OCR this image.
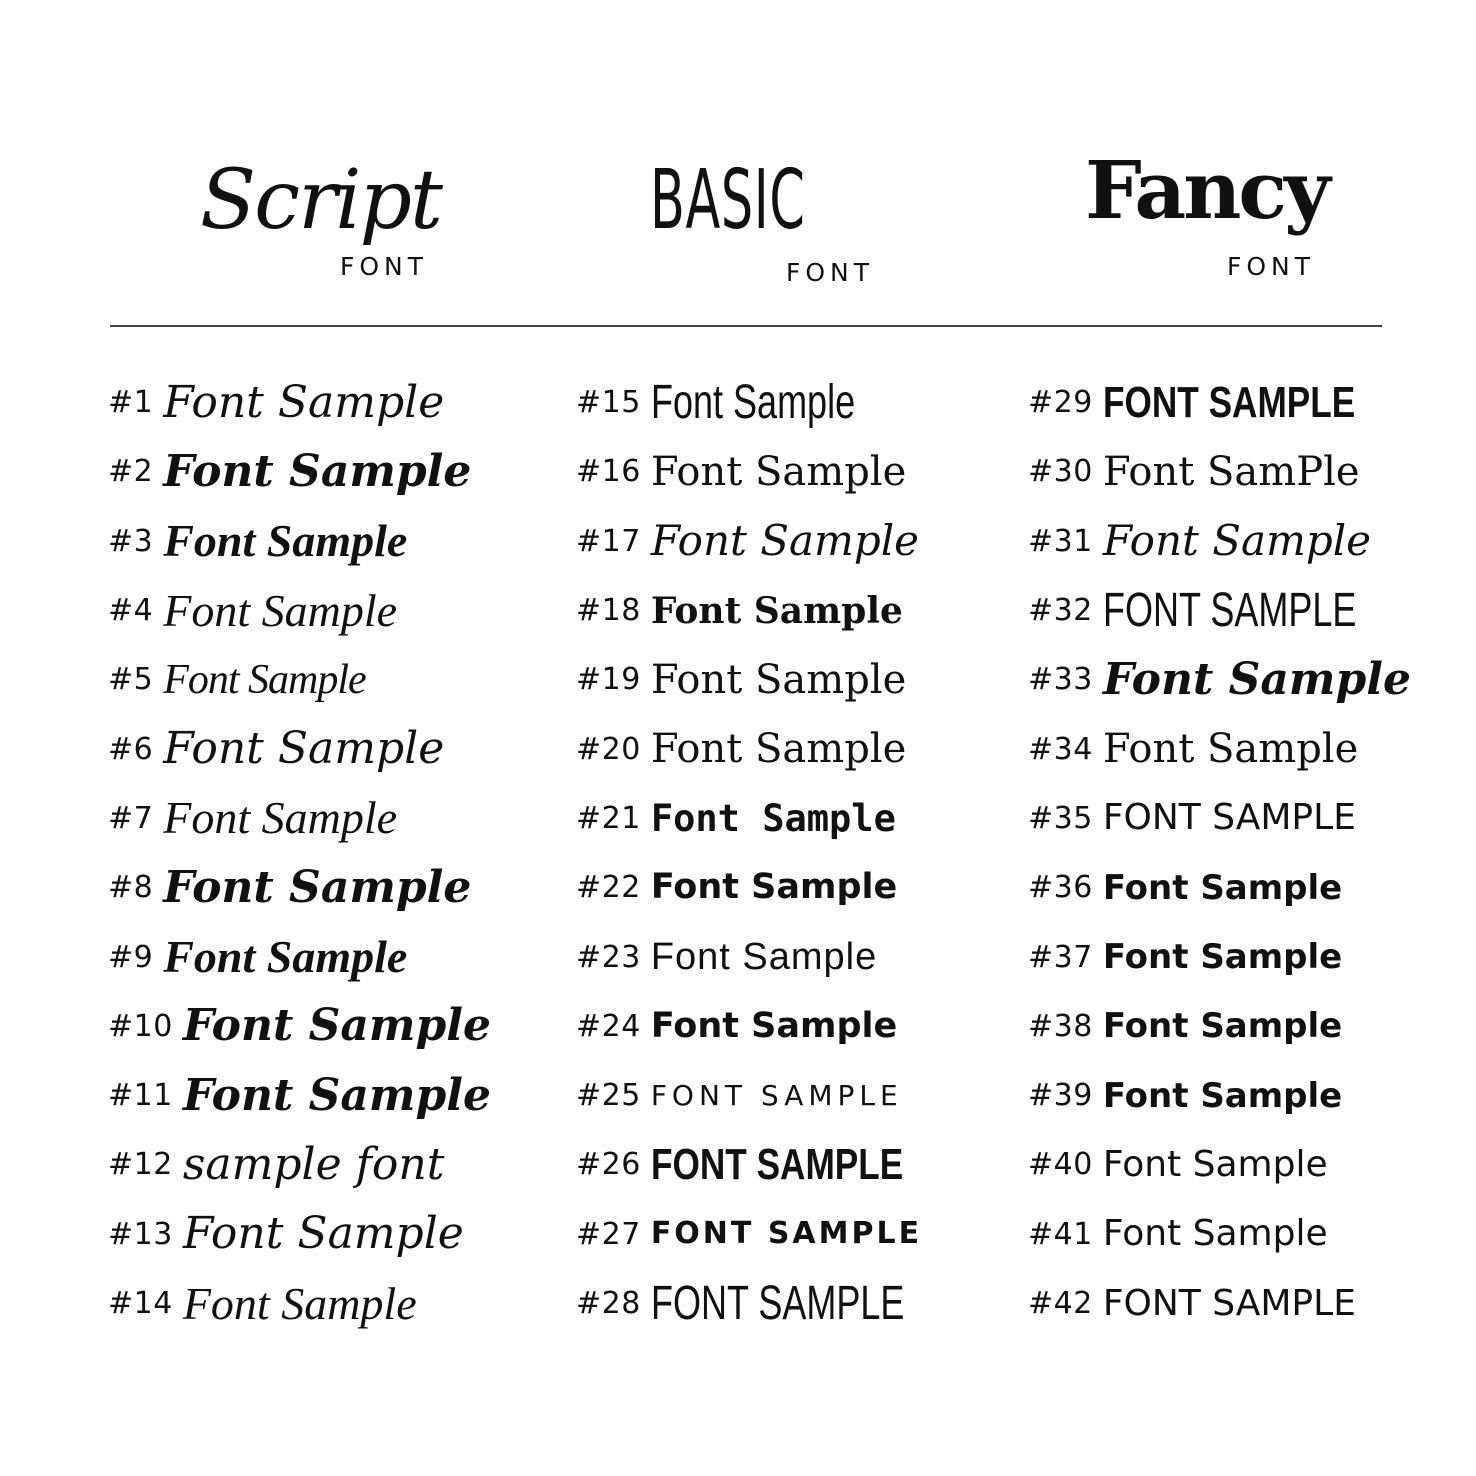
Script
FONT
BASIC
FONT
Fancy
FONT
#1 Font Sample
#2 Font Sample
#3 Font Sample
#4 Font Sample
#5 Font Sample
#6 Font Sample
#7 Font Sample
#8 Font Sample
#9 Font Sample
#10 Font Sample
#11 Font Sample
#12 sample font
#13 Font Sample
#14 Font Sample
#15 Font Sample
#16 Font Sample
#17 Font Sample
#18 Font Sample
#19 Font Sample
#20 Font Sample
#21 Font Sample
#22 Font Sample
#23 Font Sample
#24 Font Sample
#25 FONT SAMPLE
#26 FONT SAMPLE
#27 FONT SAMPLE
#28 FONT SAMPLE
#29 FONT SAMPLE
#30 Font SamPle
#31 Font Sample
#32 FONT SAMPLE
#33 Font Sample
#34 Font Sample
#35 FONT SAMPLE
#36 Font Sample
#37 Font Sample
#38 Font Sample
#39 Font Sample
#40 Font Sample
#41 Font Sample
#42 FONT SAMPLE
